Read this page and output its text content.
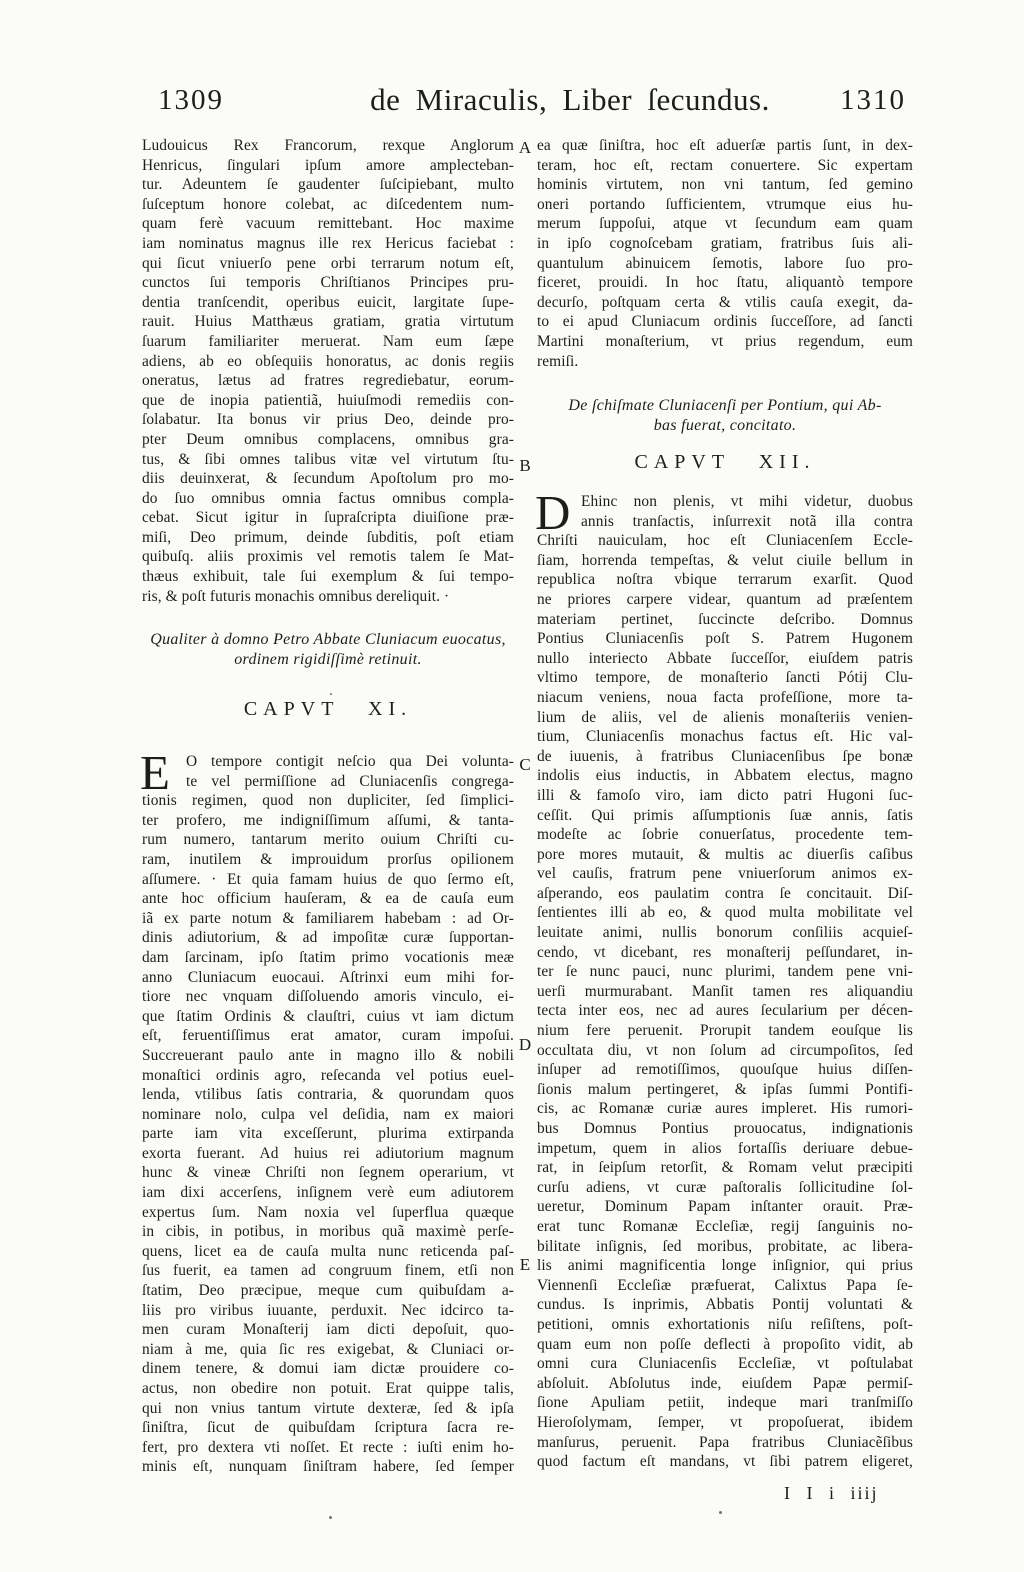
1309	de Miraculis, Liber ſecundus.	1310
Ludouicus Rex Francorum, rexque Anglorum
Henricus, ſingulari ipſum amore amplecteban-
tur. Adeuntem ſe gaudenter ſuſcipiebant, multo
ſuſceptum honore colebat, ac diſcedentem num-
quam ferè vacuum remittebant. Hoc maxime
iam nominatus magnus ille rex Hericus faciebat :
qui ſicut vniuerſo pene orbi terrarum notum eſt,
cunctos ſui temporis Chriſtianos Principes pru-
dentia tranſcendit, operibus euicit, largitate ſupe-
rauit. Huius Matthæus gratiam, gratia virtutum
ſuarum familiariter meruerat. Nam eum ſæpe
adiens, ab eo obſequiis honoratus, ac donis regiis
oneratus, lætus ad fratres regrediebatur, eorum-
que de inopia patientiã, huiuſmodi remediis con-
ſolabatur. Ita bonus vir prius Deo, deinde pro-
pter Deum omnibus complacens, omnibus gra-
tus, & ſibi omnes talibus vitæ vel virtutum ſtu-
diis deuinxerat, & ſecundum Apoſtolum pro mo-
do ſuo omnibus omnia factus omnibus compla-
cebat. Sicut igitur in ſupraſcripta diuiſione præ-
miſi, Deo primum, deinde ſubditis, poſt etiam
quibuſq. aliis proximis vel remotis talem ſe Mat-
thæus exhibuit, tale ſui exemplum & ſui tempo-
ris, & poſt futuris monachis omnibus dereliquit. ·
Qualiter à domno Petro Abbate Cluniacum euocatus,
ordinem rigidiſſimè retinuit.
CAPVT XI.
E	O tempore contigit neſcio qua Dei volunta-
te vel permiſſione ad Cluniacenſis congrega-
tionis regimen, quod non dupliciter, ſed ſimplici-
ter profero, me indigniſſimum aſſumi, & tanta-
rum numero, tantarum merito ouium Chriſti cu-
ram, inutilem & improuidum prorſus opilionem
aſſumere. · Et quia famam huius de quo ſermo eſt,
ante hoc officium hauſeram, & ea de cauſa eum
iã ex parte notum & familiarem habebam : ad Or-
dinis adiutorium, & ad impoſitæ curæ ſupportan-
dam ſarcinam, ipſo ſtatim primo vocationis meæ
anno Cluniacum euocaui. Aſtrinxi eum mihi for-
tiore nec vnquam diſſoluendo amoris vinculo, ei-
que ſtatim Ordinis & clauſtri, cuius vt iam dictum
eſt, feruentiſſimus erat amator, curam impoſui.
Succreuerant paulo ante in magno illo & nobili
monaſtici ordinis agro, reſecanda vel potius euel-
lenda, vtilibus ſatis contraria, & quorundam quos
nominare nolo, culpa vel deſidia, nam ex maiori
parte iam vita exceſſerunt, plurima extirpanda
exorta fuerant. Ad huius rei adiutorium magnum
hunc & vineæ Chriſti non ſegnem operarium, vt
iam dixi accerſens, inſignem verè eum adiutorem
expertus ſum. Nam noxia vel ſuperflua quæque
in cibis, in potibus, in moribus quã maximè perſe-
quens, licet ea de cauſa multa nunc reticenda paſ-
ſus fuerit, ea tamen ad congruum finem, etſi non
ſtatim, Deo præcipue, meque cum quibuſdam a-
liis pro viribus iuuante, perduxit. Nec idcirco ta-
men curam Monaſterij iam dicti depoſuit, quo-
niam à me, quia ſic res exigebat, & Cluniaci or-
dinem tenere, & domui iam dictæ prouidere co-
actus, non obedire non potuit. Erat quippe talis,
qui non vnius tantum virtute dexteræ, ſed & ipſa
ſiniſtra, ſicut de quibuſdam ſcriptura ſacra re-
fert, pro dextera vti noſſet. Et recte : iuſti enim ho-
minis eſt, nunquam ſiniſtram habere, ſed ſemper
ea quæ ſiniſtra, hoc eſt aduerſæ partis ſunt, in dex-
teram, hoc eſt, rectam conuertere. Sic expertam
hominis virtutem, non vni tantum, ſed gemino
oneri portando ſufficientem, vtrumque eius hu-
merum ſuppoſui, atque vt ſecundum eam quam
in ipſo cognoſcebam gratiam, fratribus ſuis ali-
quantulum abinuicem ſemotis, labore ſuo pro-
ficeret, prouidi. In hoc ſtatu, aliquantò tempore
decurſo, poſtquam certa & vtilis cauſa exegit, da-
to ei apud Cluniacum ordinis ſucceſſore, ad ſancti
Martini monaſterium, vt prius regendum, eum
remiſi.
De ſchiſmate Cluniacenſi per Pontium, qui Ab-
bas fuerat, concitato.
CAPVT XII.
D Ehinc non plenis, vt mihi videtur, duobus
annis tranſactis, inſurrexit notã illa contra
Chriſti nauiculam, hoc eſt Cluniacenſem Eccle-
ſiam, horrenda tempeſtas, & velut ciuile bellum in
republica noſtra vbique terrarum exarſit. Quod
ne priores carpere videar, quantum ad præſentem
materiam pertinet, ſuccincte deſcribo. Domnus
Pontius Cluniacenſis poſt S. Patrem Hugonem
nullo interiecto Abbate ſucceſſor, eiuſdem patris
vltimo tempore, de monaſterio ſancti Pótij Clu-
niacum veniens, noua facta profeſſione, more ta-
lium de aliis, vel de alienis monaſteriis venien-
tium, Cluniacenſis monachus factus eſt. Hic val-
de iuuenis, à fratribus Cluniacenſibus ſpe bonæ
indolis eius inductis, in Abbatem electus, magno
illi & famoſo viro, iam dicto patri Hugoni ſuc-
ceſſit. Qui primis aſſumptionis ſuæ annis, ſatis
modeſte ac ſobrie conuerſatus, procedente tem-
pore mores mutauit, & multis ac diuerſis caſibus
vel cauſis, fratrum pene vniuerſorum animos ex-
aſperando, eos paulatim contra ſe concitauit. Diſ-
ſentientes illi ab eo, & quod multa mobilitate vel
leuitate animi, nullis bonorum conſiliis acquieſ-
cendo, vt dicebant, res monaſterij peſſundaret, in-
ter ſe nunc pauci, nunc plurimi, tandem pene vni-
uerſi murmurabant. Manſit tamen res aliquandiu
tecta inter eos, nec ad aures ſecularium per décen-
nium fere peruenit. Prorupit tandem eouſque lis
occultata diu, vt non ſolum ad circumpoſitos, ſed
inſuper ad remotiſſimos, quouſque huius diſſen-
ſionis malum pertingeret, & ipſas ſummi Pontifi-
cis, ac Romanæ curiæ aures impleret. His rumori-
bus Domnus Pontius prouocatus, indignationis
impetum, quem in alios fortaſſis deriuare debue-
rat, in ſeipſum retorſit, & Romam velut præcipiti
curſu adiens, vt curæ paſtoralis ſollicitudine ſol-
ueretur, Dominum Papam inſtanter orauit. Præ-
erat tunc Romanæ Eccleſiæ, regij ſanguinis no-
bilitate inſignis, ſed moribus, probitate, ac libera-
lis animi magnificentia longe inſignior, qui prius
Viennenſi Eccleſiæ præfuerat, Calixtus Papa ſe-
cundus. Is inprimis, Abbatis Pontij voluntati &
petitioni, omnis exhortationis niſu reſiſtens, poſt-
quam eum non poſſe deflecti à propoſito vidit, ab
omni cura Cluniacenſis Eccleſiæ, vt poſtulabat
abſoluit. Abſolutus inde, eiuſdem Papæ permiſ-
ſione Apuliam petiit, indeque mari tranſmiſſo
Hieroſolymam, ſemper, vt propoſuerat, ibidem
manſurus, peruenit. Papa fratribus Cluniacẽſibus
quod factum eſt mandans, vt ſibi patrem eligeret,
A
B
C
D
E
I I i iiij
